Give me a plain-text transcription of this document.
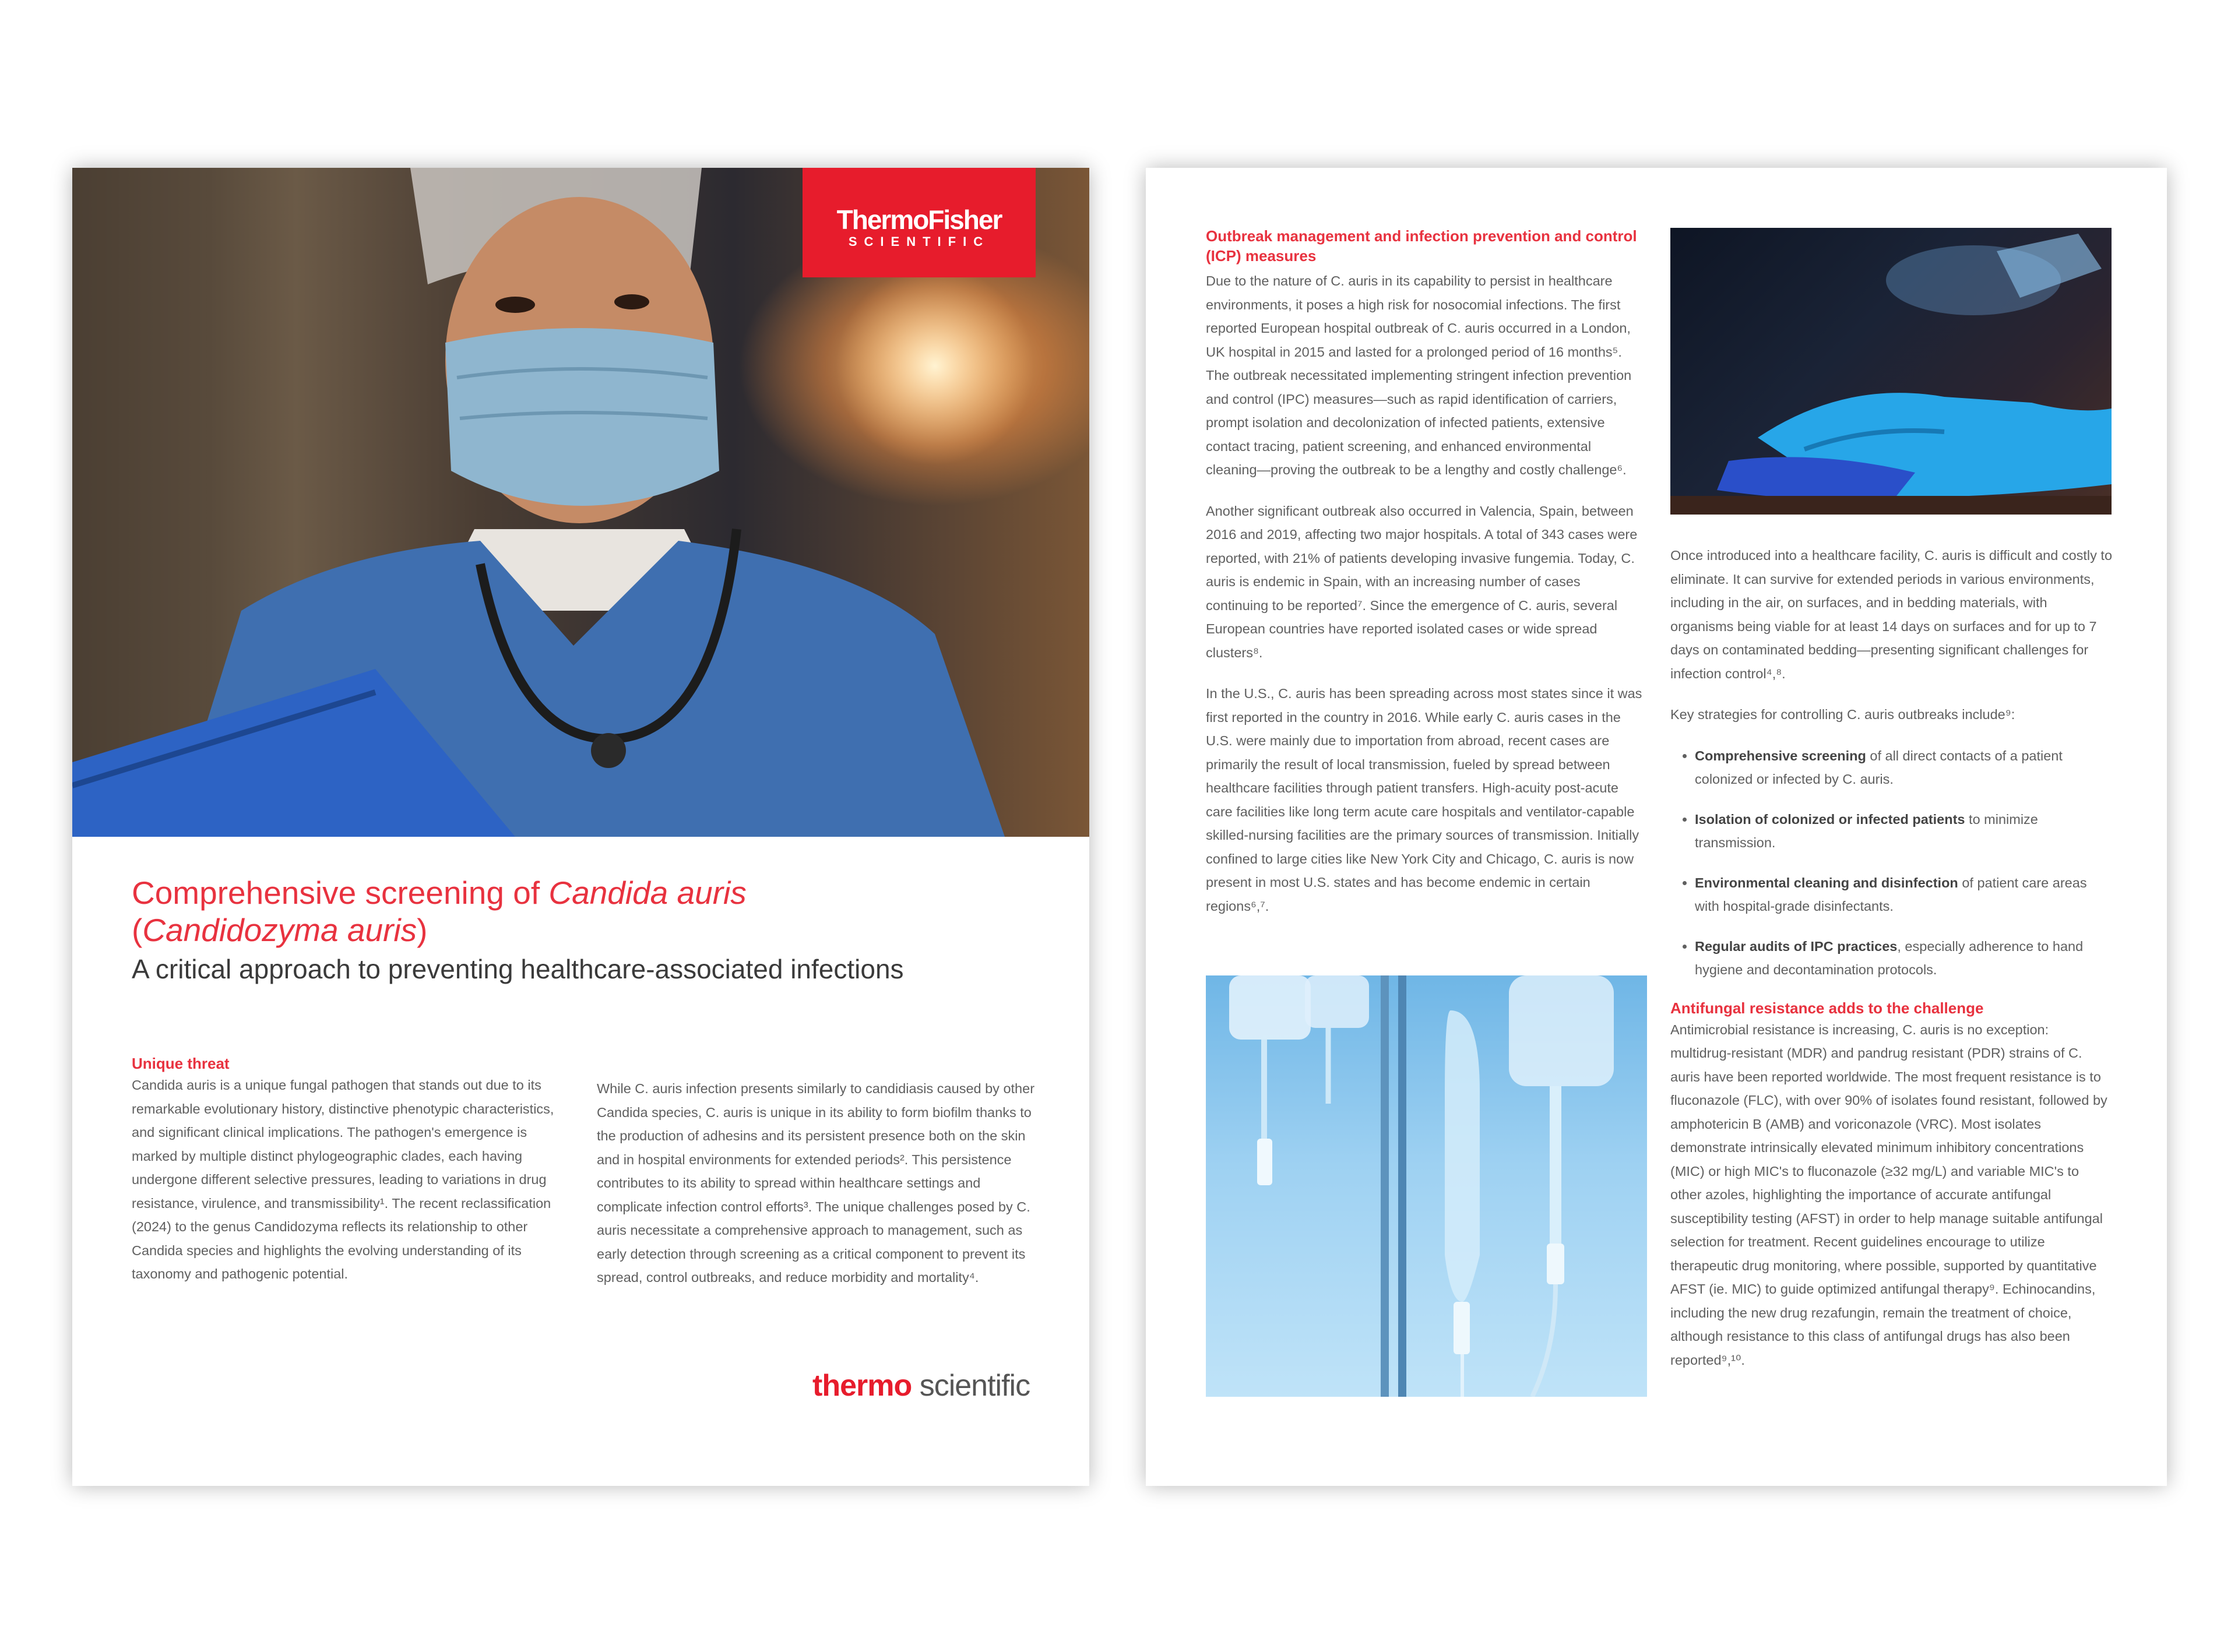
ThermoFisher
SCIENTIFIC
Comprehensive screening of Candida auris
(Candidozyma auris)
A critical approach to preventing healthcare-associated infections
Unique threat

Candida auris is a unique fungal pathogen that stands out due to its remarkable evolutionary history, distinctive phenotypic characteristics, and significant clinical implications. The pathogen's emergence is marked by multiple distinct phylogeographic clades, each having undergone different selective pressures, leading to variations in drug resistance, virulence, and transmissibility¹. The recent reclassification (2024) to the genus Candidozyma reflects its relationship to other Candida species and highlights the evolving understanding of its taxonomy and pathogenic potential.

While C. auris infection presents similarly to candidiasis caused by other Candida species, C. auris is unique in its ability to form biofilm thanks to the production of adhesins and its persistent presence both on the skin and in hospital environments for extended periods². This persistence contributes to its ability to spread within healthcare settings and complicate infection control efforts³. The unique challenges posed by C. auris necessitate a comprehensive approach to management, such as early detection through screening as a critical component to prevent its spread, control outbreaks, and reduce morbidity and mortality⁴.

thermo scientific
Outbreak management and infection prevention and control (ICP) measures

Due to the nature of C. auris in its capability to persist in healthcare environments, it poses a high risk for nosocomial infections. The first reported European hospital outbreak of C. auris occurred in a London, UK hospital in 2015 and lasted for a prolonged period of 16 months⁵. The outbreak necessitated implementing stringent infection prevention and control (IPC) measures—such as rapid identification of carriers, prompt isolation and decolonization of infected patients, extensive contact tracing, patient screening, and enhanced environmental cleaning—proving the outbreak to be a lengthy and costly challenge⁶.

Another significant outbreak also occurred in Valencia, Spain, between 2016 and 2019, affecting two major hospitals. A total of 343 cases were reported, with 21% of patients developing invasive fungemia. Today, C. auris is endemic in Spain, with an increasing number of cases continuing to be reported⁷. Since the emergence of C. auris, several European countries have reported isolated cases or wide spread clusters⁸.

In the U.S., C. auris has been spreading across most states since it was first reported in the country in 2016. While early C. auris cases in the U.S. were mainly due to importation from abroad, recent cases are primarily the result of local transmission, fueled by spread between healthcare facilities through patient transfers. High-acuity post-acute care facilities like long term acute care hospitals and ventilator-capable skilled-nursing facilities are the primary sources of transmission. Initially confined to large cities like New York City and Chicago, C. auris is now present in most U.S. states and has become endemic in certain regions⁶,⁷.

Once introduced into a healthcare facility, C. auris is difficult and costly to eliminate. It can survive for extended periods in various environments, including in the air, on surfaces, and in bedding materials, with organisms being viable for at least 14 days on surfaces and for up to 7 days on contaminated bedding—presenting significant challenges for infection control⁴,⁸.

Key strategies for controlling C. auris outbreaks include⁹:

• Comprehensive screening of all direct contacts of a patient colonized or infected by C. auris.
• Isolation of colonized or infected patients to minimize transmission.
• Environmental cleaning and disinfection of patient care areas with hospital-grade disinfectants.
• Regular audits of IPC practices, especially adherence to hand hygiene and decontamination protocols.
Antifungal resistance adds to the challenge

Antimicrobial resistance is increasing, C. auris is no exception: multidrug-resistant (MDR) and pandrug resistant (PDR) strains of C. auris have been reported worldwide. The most frequent resistance is to fluconazole (FLC), with over 90% of isolates found resistant, followed by amphotericin B (AMB) and voriconazole (VRC). Most isolates demonstrate intrinsically elevated minimum inhibitory concentrations (MIC) or high MIC's to fluconazole (≥32 mg/L) and variable MIC's to other azoles, highlighting the importance of accurate antifungal susceptibility testing (AFST) in order to help manage suitable antifungal selection for treatment. Recent guidelines encourage to utilize therapeutic drug monitoring, where possible, supported by quantitative AFST (ie. MIC) to guide optimized antifungal therapy⁹. Echinocandins, including the new drug rezafungin, remain the treatment of choice, although resistance to this class of antifungal drugs has also been reported⁹,¹⁰.
